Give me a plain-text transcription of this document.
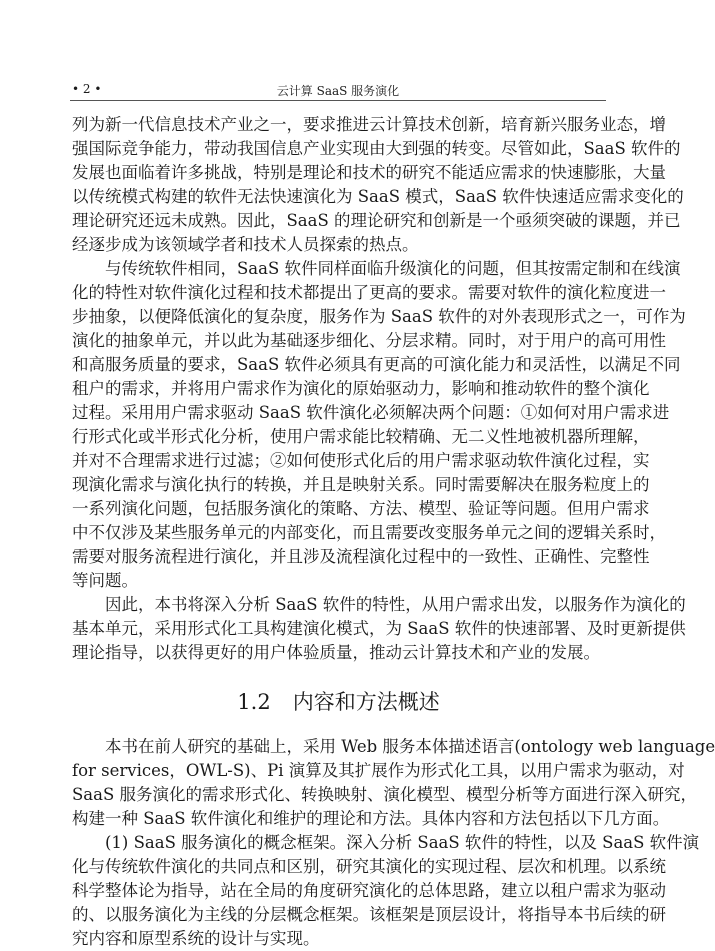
• 2 •	云计算 SaaS 服务演化
列为新一代信息技术产业之一，要求推进云计算技术创新，培育新兴服务业态，增
强国际竞争能力，带动我国信息产业实现由大到强的转变。尽管如此，SaaS 软件的
发展也面临着许多挑战，特别是理论和技术的研究不能适应需求的快速膨胀，大量
以传统模式构建的软件无法快速演化为 SaaS 模式，SaaS 软件快速适应需求变化的
理论研究还远未成熟。因此，SaaS 的理论研究和创新是一个亟须突破的课题，并已
经逐步成为该领域学者和技术人员探索的热点。
与传统软件相同，SaaS 软件同样面临升级演化的问题，但其按需定制和在线演
化的特性对软件演化过程和技术都提出了更高的要求。需要对软件的演化粒度进一
步抽象，以便降低演化的复杂度，服务作为 SaaS 软件的对外表现形式之一，可作为
演化的抽象单元，并以此为基础逐步细化、分层求精。同时，对于用户的高可用性
和高服务质量的要求，SaaS 软件必须具有更高的可演化能力和灵活性，以满足不同
租户的需求，并将用户需求作为演化的原始驱动力，影响和推动软件的整个演化
过程。采用用户需求驱动 SaaS 软件演化必须解决两个问题：①如何对用户需求进
行形式化或半形式化分析，使用户需求能比较精确、无二义性地被机器所理解，
并对不合理需求进行过滤；②如何使形式化后的用户需求驱动软件演化过程，实
现演化需求与演化执行的转换，并且是映射关系。同时需要解决在服务粒度上的
一系列演化问题，包括服务演化的策略、方法、模型、验证等问题。但用户需求
中不仅涉及某些服务单元的内部变化，而且需要改变服务单元之间的逻辑关系时，
需要对服务流程进行演化，并且涉及流程演化过程中的一致性、正确性、完整性
等问题。
因此，本书将深入分析 SaaS 软件的特性，从用户需求出发，以服务作为演化的
基本单元，采用形式化工具构建演化模式，为 SaaS 软件的快速部署、及时更新提供
理论指导，以获得更好的用户体验质量，推动云计算技术和产业的发展。
1.2 内容和方法概述
本书在前人研究的基础上，采用 Web 服务本体描述语言(ontology web language
for services，OWL-S)、Pi 演算及其扩展作为形式化工具，以用户需求为驱动，对
SaaS 服务演化的需求形式化、转换映射、演化模型、模型分析等方面进行深入研究，
构建一种 SaaS 软件演化和维护的理论和方法。具体内容和方法包括以下几方面。
(1) SaaS 服务演化的概念框架。深入分析 SaaS 软件的特性，以及 SaaS 软件演
化与传统软件演化的共同点和区别，研究其演化的实现过程、层次和机理。以系统
科学整体论为指导，站在全局的角度研究演化的总体思路，建立以租户需求为驱动
的、以服务演化为主线的分层概念框架。该框架是顶层设计，将指导本书后续的研
究内容和原型系统的设计与实现。
